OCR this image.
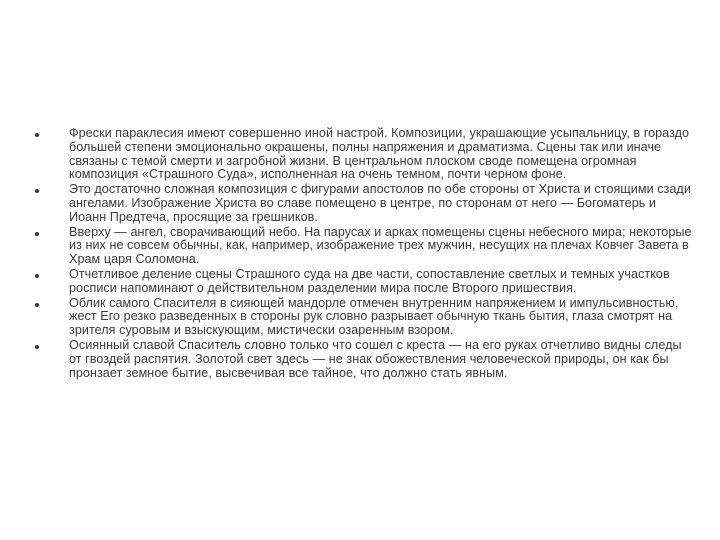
Фрески параклесия имеют совершенно иной настрой. Композиции, украшающие усыпальницу, в гораздо большей степени эмоционально окрашены, полны напряжения и драматизма. Сцены так или иначе связаны с темой смерти и загробной жизни. В центральном плоском своде помещена огромная композиция «Страшного Суда», исполненная на очень темном, почти черном фоне.
Это достаточно сложная композиция с фигурами апостолов по обе стороны от Христа и стоящими сзади ангелами. Изображение Христа во славе помещено в центре, по сторонам от него — Богоматерь и Иоанн Предтеча, просящие за грешников.
Вверху — ангел, сворачивающий небо. На парусах и арках помещены сцены небесного мира; некоторые из них не совсем обычны, как, например, изображение трех мужчин, несущих на плечах Ковчег Завета в Храм царя Соломона.
Отчетливое деление сцены Страшного суда на две части, сопоставление светлых и темных участков росписи напоминают о действительном разделении мира после Второго пришествия.
Облик самого Спасителя в сияющей мандорле отмечен внутренним напряжением и импульсивностью, жест Его резко разведенных в стороны рук словно разрывает обычную ткань бытия, глаза смотрят на зрителя суровым и взыскующим, мистически озаренным взором.
Осиянный славой Спаситель словно только что сошел с креста — на его руках отчетливо видны следы от гвоздей распятия. Золотой свет здесь — не знак обожествления человеческой природы, он как бы пронзает земное бытие, высвечивая все тайное, что должно стать явным.
